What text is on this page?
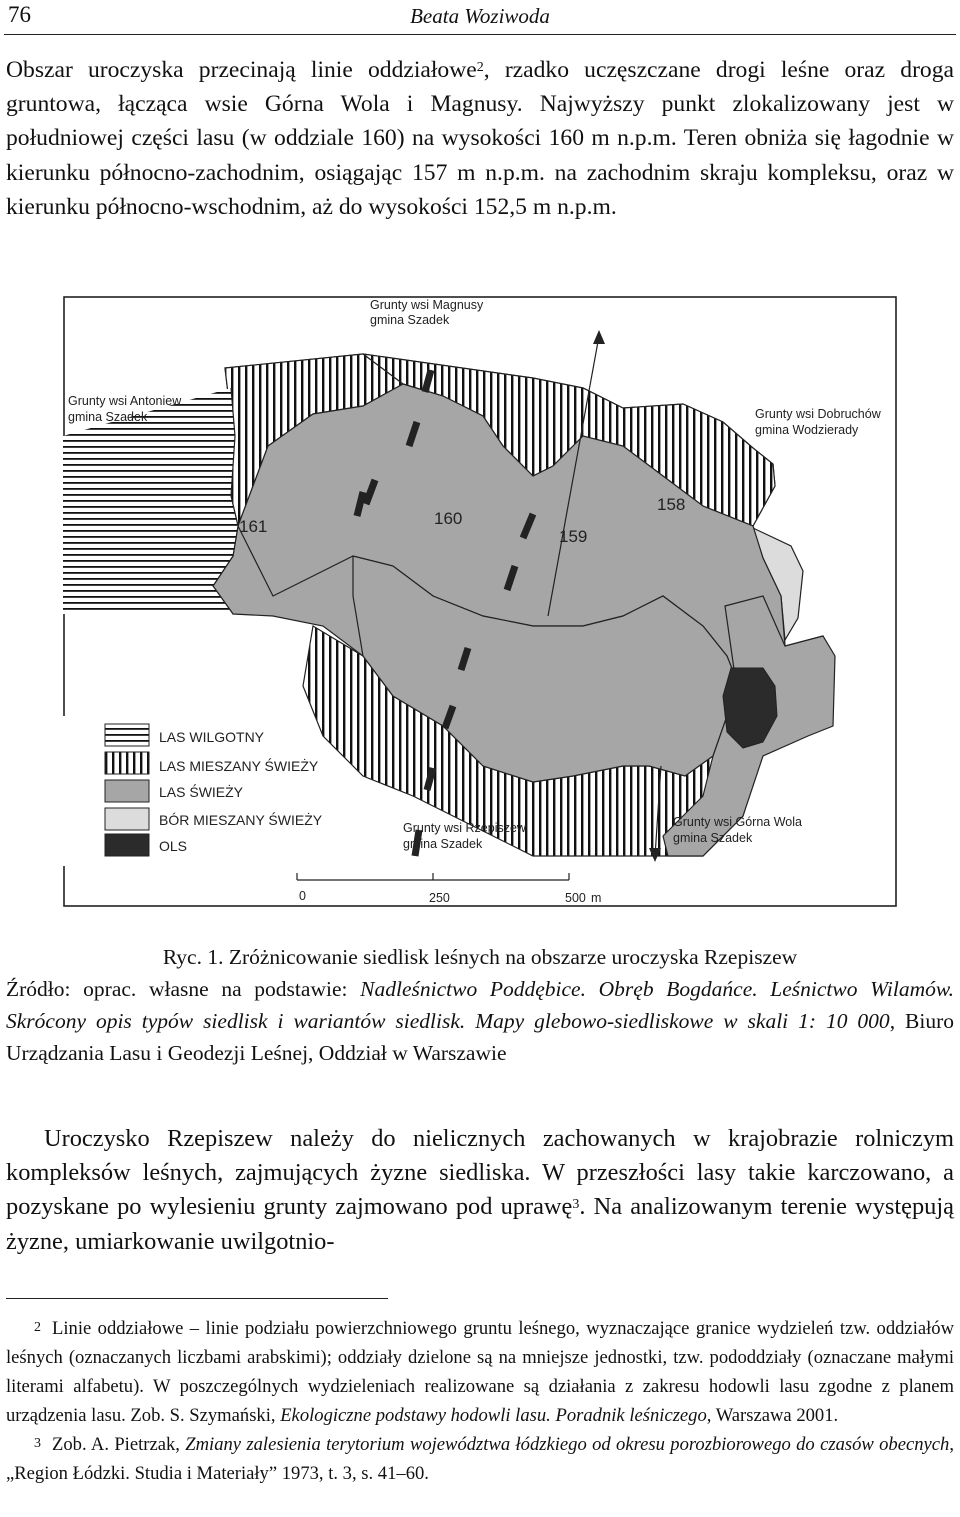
76	Beata Woziwoda

Obszar uroczyska przecinają linie oddziałowe$^2$, rzadko uczęszczane drogi leśne oraz droga gruntowa, łącząca wsie Górna Wola i Magnusy. Najwyższy punkt zlokalizowany jest w południowej części lasu (w oddziale 160) na wysokości 160 m n.p.m. Teren obniża się łagodnie w kierunku północno-zachodnim, osiągając 157 m n.p.m. na zachodnim skraju kompleksu, oraz w kierunku północno-wschodnim, aż do wysokości 152,5 m n.p.m.

161	160
159
158
Grunty wsi Magnusy
gmina Szadek
Grunty wsi Antoniew
gmina Szadek	Grunty wsi Dobruchów
gmina Wodzierady
Grunty wsi Rzepiszew
gmina Szadek
Grunty wsi Górna Wola
gmina Szadek
LAS WILGOTNY
LAS MIESZANY ŚWIEŻY
LAS ŚWIEŻY
BÓR MIESZANY ŚWIEŻY
OLS
0	250	500 m
Ryc. 1. Zróżnicowanie siedlisk leśnych na obszarze uroczyska Rzepiszew
Źródło: oprac. własne na podstawie: Nadleśnictwo Poddębice. Obręb Bogdańce. Leśnictwo Wilamów. Skrócony opis typów siedlisk i wariantów siedlisk. Mapy glebowo-siedliskowe w skali 1: 10 000, Biuro Urządzania Lasu i Geodezji Leśnej, Oddział w Warszawie

Uroczysko Rzepiszew należy do nielicznych zachowanych w krajobrazie rolniczym kompleksów leśnych, zajmujących żyzne siedliska. W przeszłości lasy takie karczowano, a pozyskane po wylesieniu grunty zajmowano pod uprawę$^3$. Na analizowanym terenie występują żyzne, umiarkowanie uwilgotnio-

2 Linie oddziałowe – linie podziału powierzchniowego gruntu leśnego, wyznaczające granice wydzieleń tzw. oddziałów leśnych (oznaczanych liczbami arabskimi); oddziały dzielone są na mniejsze jednostki, tzw. pododdziały (oznaczane małymi literami alfabetu). W poszczególnych wydzieleniach realizowane są działania z zakresu hodowli lasu zgodne z planem urządzenia lasu. Zob. S. Szymański, Ekologiczne podstawy hodowli lasu. Poradnik leśniczego, Warszawa 2001.
3 Zob. A. Pietrzak, Zmiany zalesienia terytorium województwa łódzkiego od okresu porozbiorowego do czasów obecnych, „Region Łódzki. Studia i Materiały” 1973, t. 3, s. 41–60.
